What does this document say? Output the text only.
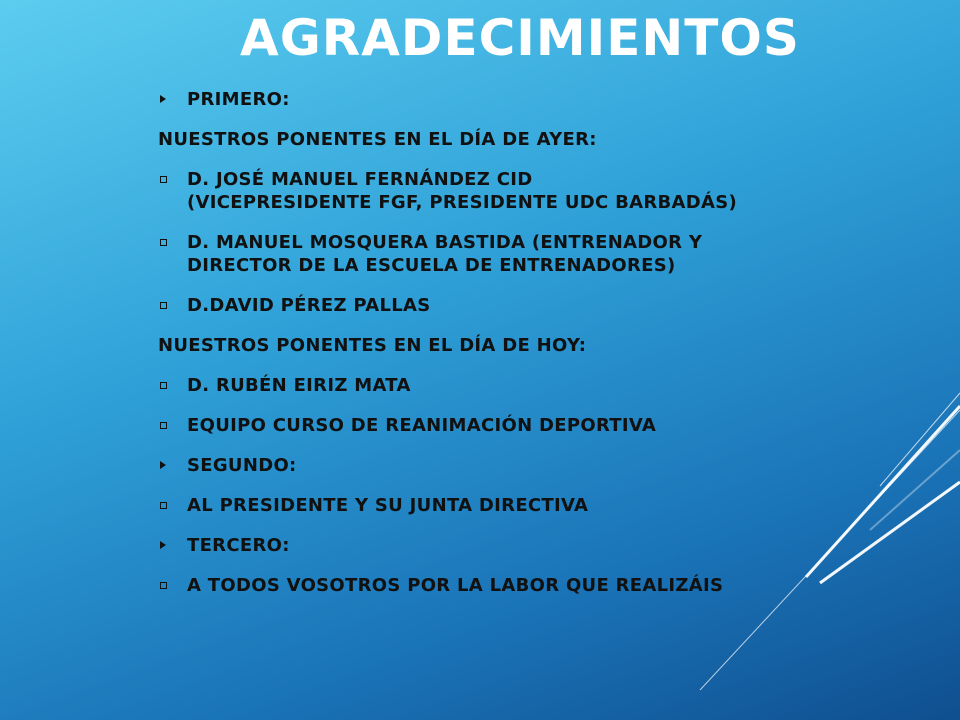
AGRADECIMIENTOS
PRIMERO:
NUESTROS PONENTES EN EL DÍA DE AYER:
D. JOSÉ MANUEL FERNÁNDEZ CID
(VICEPRESIDENTE FGF, PRESIDENTE UDC BARBADÁS)
D. MANUEL MOSQUERA BASTIDA (ENTRENADOR Y
DIRECTOR DE LA ESCUELA DE ENTRENADORES)
D.DAVID PÉREZ PALLAS
NUESTROS PONENTES EN EL DÍA DE HOY:
D. RUBÉN EIRIZ MATA
EQUIPO CURSO DE REANIMACIÓN DEPORTIVA
SEGUNDO:
AL PRESIDENTE Y SU JUNTA DIRECTIVA
TERCERO:
A TODOS VOSOTROS POR LA LABOR QUE REALIZÁIS
